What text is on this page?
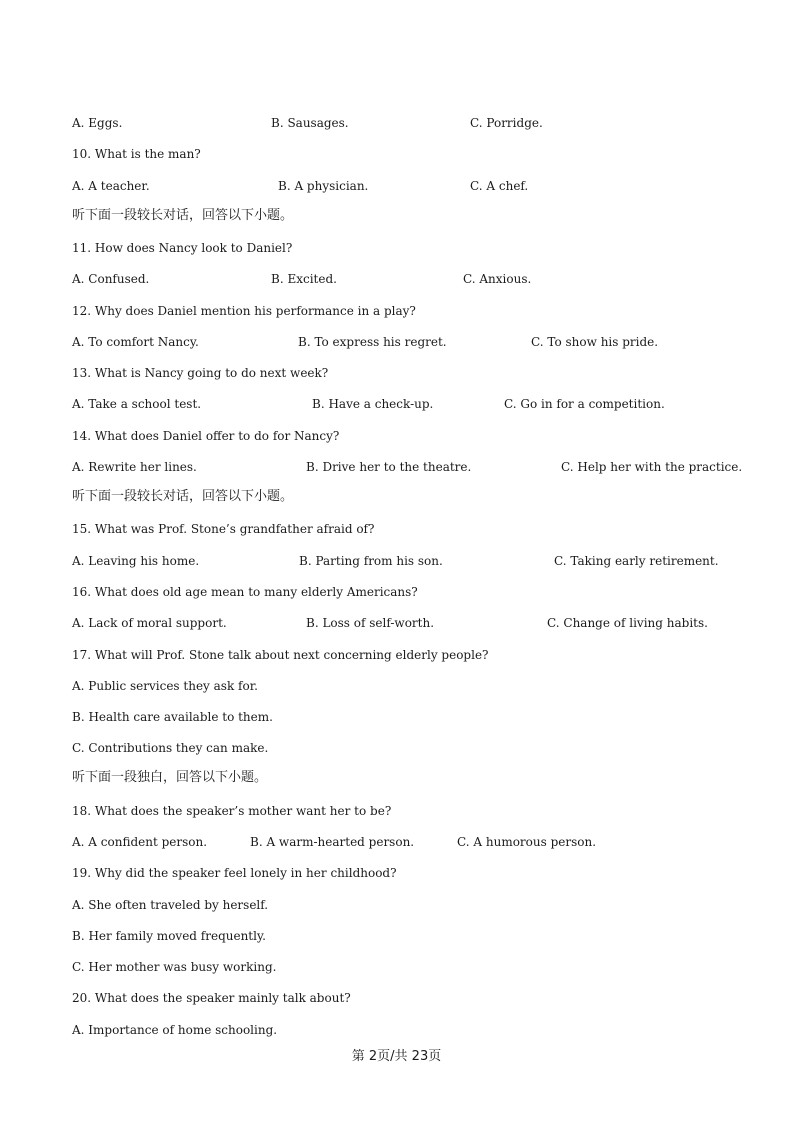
A. Eggs.	B. Sausages.	C. Porridge.
10. What is the man?
A. A teacher.	B. A physician.	C. A chef.
听下面一段较长对话，回答以下小题。
11. How does Nancy look to Daniel?
A. Confused.	B. Excited.	C. Anxious.
12. Why does Daniel mention his performance in a play?
A. To comfort Nancy.	B. To express his regret.	C. To show his pride.
13. What is Nancy going to do next week?
A. Take a school test.	B. Have a check-up.	C. Go in for a competition.
14. What does Daniel offer to do for Nancy?
A. Rewrite her lines.	B. Drive her to the theatre.	C. Help her with the practice.
听下面一段较长对话，回答以下小题。
15. What was Prof. Stone’s grandfather afraid of?
A. Leaving his home.	B. Parting from his son.	C. Taking early retirement.
16. What does old age mean to many elderly Americans?
A. Lack of moral support.	B. Loss of self-worth.	C. Change of living habits.
17. What will Prof. Stone talk about next concerning elderly people?
A. Public services they ask for.
B. Health care available to them.
C. Contributions they can make.
听下面一段独白，回答以下小题。
18. What does the speaker’s mother want her to be?
A. A confident person.	B. A warm-hearted person.	C. A humorous person.
19. Why did the speaker feel lonely in her childhood?
A. She often traveled by herself.
B. Her family moved frequently.
C. Her mother was busy working.
20. What does the speaker mainly talk about?
A. Importance of home schooling.
第 2页/共 23页
